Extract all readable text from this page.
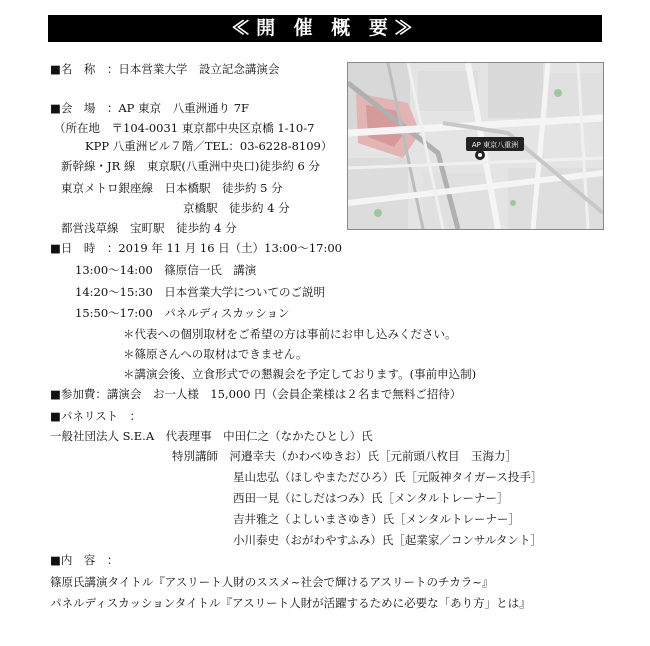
≪開 催 概 要≫
■名　称　：日本営業大学　設立記念講演会
■会　場　：AP 東京　八重洲通り 7F
（所在地　〒104-0031 東京都中央区京橋 1-10-7
KPP 八重洲ビル７階／TEL：03-6228-8109）
新幹線・JR 線　東京駅(八重洲中央口)徒歩約 6 分
東京メトロ銀座線　日本橋駅　徒歩約 5 分
京橋駅　徒歩約 4 分
都営浅草線　宝町駅　徒歩約 4 分
■日　時　：2019 年 11 月 16 日（土）13:00～17:00
13:00～14:00　篠原信一氏　講演
14:20～15:30　日本営業大学についてのご説明
15:50～17:00　パネルディスカッション
＊代表への個別取材をご希望の方は事前にお申し込みください。
＊篠原さんへの取材はできません。
＊講演会後、立食形式での懇親会を予定しております。(事前申込制)
■参加費：講演会　お一人様　15,000 円（会員企業様は２名まで無料ご招待）
■パネリスト　：
一般社団法人 S.E.A　代表理事　中田仁之（なかたひとし）氏
特別講師　河邉幸夫（かわべゆきお）氏［元前頭八枚目　玉海力］
星山忠弘（ほしやまただひろ）氏［元阪神タイガース投手］
西田一見（にしだはつみ）氏［メンタルトレーナー］
吉井雅之（よしいまさゆき）氏［メンタルトレーナー］
小川泰史（おがわやすふみ）氏［起業家／コンサルタント］
■内　容　：
篠原氏講演タイトル『アスリート人財のススメ~社会で輝けるアスリートのチカラ~』
パネルディスカッションタイトル『アスリート人財が活躍するために必要な「あり方」とは』
AP 東京八重洲
